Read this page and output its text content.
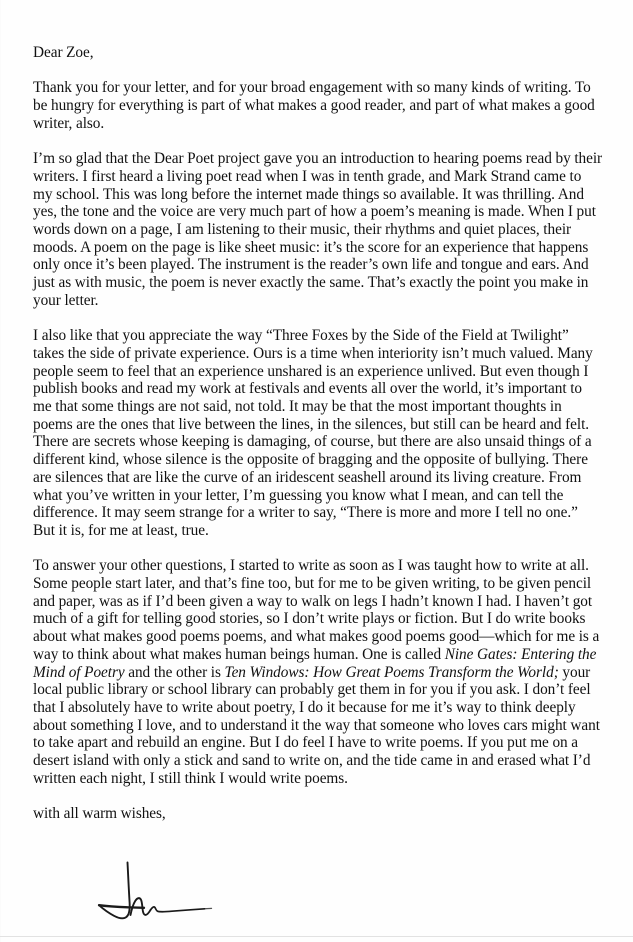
Dear Zoe,

Thank you for your letter, and for your broad engagement with so many kinds of writing. To be hungry for everything is part of what makes a good reader, and part of what makes a good writer, also.

I’m so glad that the Dear Poet project gave you an introduction to hearing poems read by their writers. I first heard a living poet read when I was in tenth grade, and Mark Strand came to my school. This was long before the internet made things so available. It was thrilling. And yes, the tone and the voice are very much part of how a poem’s meaning is made. When I put words down on a page, I am listening to their music, their rhythms and quiet places, their moods. A poem on the page is like sheet music: it’s the score for an experience that happens only once it’s been played. The instrument is the reader’s own life and tongue and ears. And just as with music, the poem is never exactly the same. That’s exactly the point you make in your letter.

I also like that you appreciate the way “Three Foxes by the Side of the Field at Twilight” takes the side of private experience. Ours is a time when interiority isn’t much valued. Many people seem to feel that an experience unshared is an experience unlived. But even though I publish books and read my work at festivals and events all over the world, it’s important to me that some things are not said, not told. It may be that the most important thoughts in poems are the ones that live between the lines, in the silences, but still can be heard and felt. There are secrets whose keeping is damaging, of course, but there are also unsaid things of a different kind, whose silence is the opposite of bragging and the opposite of bullying. There are silences that are like the curve of an iridescent seashell around its living creature. From what you’ve written in your letter, I’m guessing you know what I mean, and can tell the difference. It may seem strange for a writer to say, “There is more and more I tell no one.” But it is, for me at least, true.

To answer your other questions, I started to write as soon as I was taught how to write at all. Some people start later, and that’s fine too, but for me to be given writing, to be given pencil and paper, was as if I’d been given a way to walk on legs I hadn’t known I had. I haven’t got much of a gift for telling good stories, so I don’t write plays or fiction. But I do write books about what makes good poems poems, and what makes good poems good—which for me is a way to think about what makes human beings human. One is called Nine Gates: Entering the Mind of Poetry and the other is Ten Windows: How Great Poems Transform the World; your local public library or school library can probably get them in for you if you ask. I don’t feel that I absolutely have to write about poetry, I do it because for me it’s way to think deeply about something I love, and to understand it the way that someone who loves cars might want to take apart and rebuild an engine. But I do feel I have to write poems. If you put me on a desert island with only a stick and sand to write on, and the tide came in and erased what I’d written each night, I still think I would write poems.

with all warm wishes,
